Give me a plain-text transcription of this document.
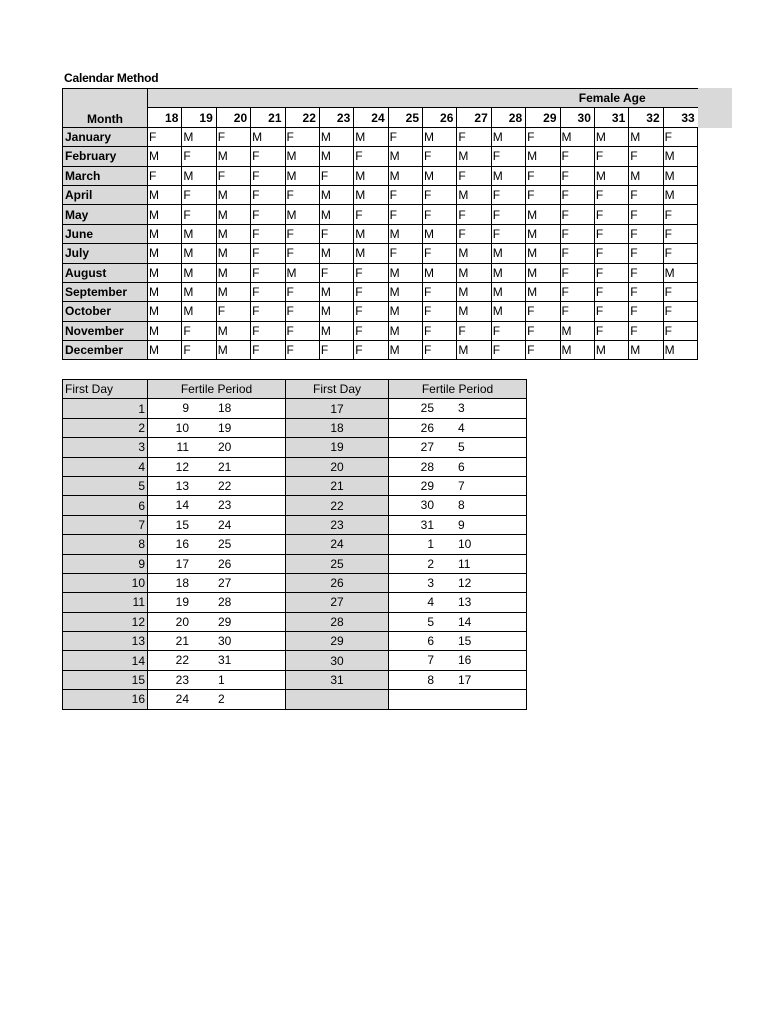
Calendar Method
Month	Female Age															
	18	19	20	21	22	23	24	25	26	27	28	29	30	31	32	33
January	F	M	F	M	F	M	M	F	M	F	M	F	M	M	M	F
February	M	F	M	F	M	M	F	M	F	M	F	M	F	F	F	M
March	F	M	F	F	M	F	M	M	M	F	M	F	F	M	M	M
April	M	F	M	F	F	M	M	F	F	M	F	F	F	F	F	M
May	M	F	M	F	M	M	F	F	F	F	F	M	F	F	F	F
June	M	M	M	F	F	F	M	M	M	F	F	M	F	F	F	F
July	M	M	M	F	F	M	M	F	F	M	M	M	F	F	F	F
August	M	M	M	F	M	F	F	M	M	M	M	M	F	F	F	M
September	M	M	M	F	F	M	F	M	F	M	M	M	F	F	F	F
October	M	M	F	F	F	M	F	M	F	M	M	F	F	F	F	F
November	M	F	M	F	F	M	F	M	F	F	F	F	M	F	F	F
December	M	F	M	F	F	F	F	M	F	M	F	F	M	M	M	M
First Day	Fertile Period	First Day	Fertile Period
1	9 18	17	25 3

2	10 19	18	26 4

3	11 20	19	27 5

4	12 21	20	28 6

5	13 22	21	29 7

6	14 23	22	30 8

7	15 24	23	31 9

8	16 25	24	1 10

9	17 26	25	2 11

10	18 27	26	3 12

11	19 28	27	4 13

12	20 29	28	5 14

13	21 30	29	6 15

14	22 31	30	7 16

15	23 1	31	8 17

16	24 2		
